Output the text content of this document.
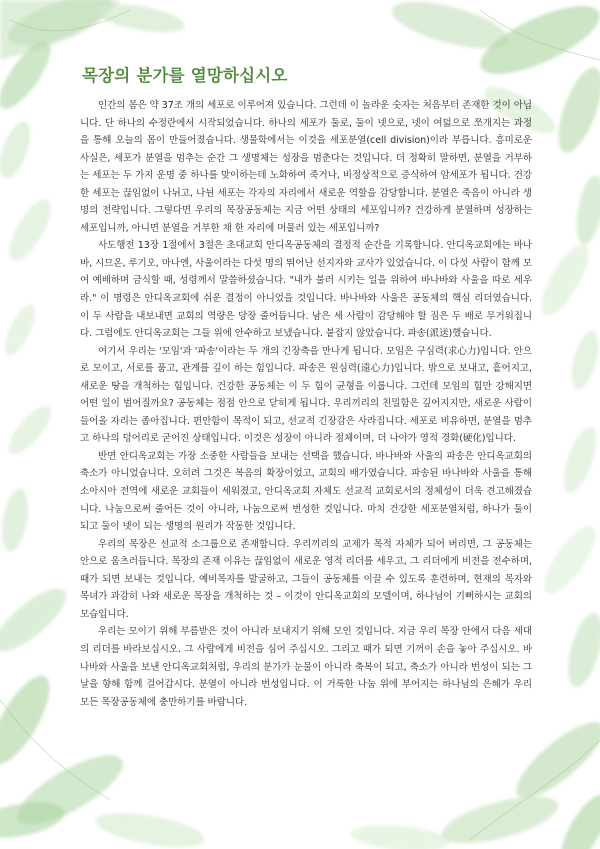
목장의 분가를 열망하십시오

인간의 몸은 약 37조 개의 세포로 이루어져 있습니다. 그런데 이 놀라운 숫자는 처음부터 존재한 것이 아닙니다. 단 하나의 수정란에서 시작되었습니다. 하나의 세포가 둘로, 둘이 넷으로, 넷이 여덟으로 쪼개지는 과정을 통해 오늘의 몸이 만들어졌습니다. 생물학에서는 이것을 세포분열(cell division)이라 부릅니다. 흥미로운 사실은, 세포가 분열을 멈추는 순간 그 생명체는 성장을 멈춘다는 것입니다. 더 정확히 말하면, 분열을 거부하는 세포는 두 가지 운명 중 하나를 맞이하는데 노화하여 죽거나, 비정상적으로 증식하여 암세포가 됩니다. 건강한 세포는 끊임없이 나뉘고, 나뉜 세포는 각자의 자리에서 새로운 역할을 감당합니다. 분열은 죽음이 아니라 생명의 전략입니다. 그렇다면 우리의 목장공동체는 지금 어떤 상태의 세포입니까? 건강하게 분열하며 성장하는 세포입니까, 아니면 분열을 거부한 채 한 자리에 머물러 있는 세포입니까?

사도행전 13장 1절에서 3절은 초대교회 안디옥공동체의 결정적 순간을 기록합니다. 안디옥교회에는 바나바, 시므온, 루기오, 마나엔, 사울이라는 다섯 명의 뛰어난 선지자와 교사가 있었습니다. 이 다섯 사람이 함께 모여 예배하며 금식할 때, 성령께서 말씀하셨습니다. "내가 불러 시키는 일을 위하여 바나바와 사울을 따로 세우라." 이 명령은 안디옥교회에 쉬운 결정이 아니었을 것입니다. 바나바와 사울은 공동체의 핵심 리더였습니다. 이 두 사람을 내보내면 교회의 역량은 당장 줄어듭니다. 남은 세 사람이 감당해야 할 짐은 두 배로 무거워집니다. 그럼에도 안디옥교회는 그들 위에 안수하고 보냈습니다. 붙잡지 않았습니다. 파송(派送)했습니다.

여기서 우리는 '모임'과 '파송'이라는 두 개의 긴장축을 만나게 됩니다. 모임은 구심력(求心力)입니다. 안으로 모이고, 서로를 품고, 관계를 깊이 하는 힘입니다. 파송은 원심력(遠心力)입니다. 밖으로 보내고, 흩어지고, 새로운 땅을 개척하는 힘입니다. 건강한 공동체는 이 두 힘이 균형을 이룹니다. 그런데 모임의 힘만 강해지면 어떤 일이 벌어질까요? 공동체는 점점 안으로 닫히게 됩니다. 우리끼리의 친밀함은 깊어지지만, 새로운 사람이 들어올 자리는 좁아집니다. 편안함이 목적이 되고, 선교적 긴장감은 사라집니다. 세포로 비유하면, 분열을 멈추고 하나의 덩어리로 굳어진 상태입니다. 이것은 성장이 아니라 정체이며, 더 나아가 영적 경화(硬化)입니다.

반면 안디옥교회는 가장 소중한 사람들을 보내는 선택을 했습니다. 바나바와 사울의 파송은 안디옥교회의 축소가 아니었습니다. 오히려 그것은 복음의 확장이었고, 교회의 배가였습니다. 파송된 바나바와 사울을 통해 소아시아 전역에 새로운 교회들이 세워졌고, 안디옥교회 자체도 선교적 교회로서의 정체성이 더욱 견고해졌습니다. 나눔으로써 줄어든 것이 아니라, 나눔으로써 번성한 것입니다. 마치 건강한 세포분열처럼, 하나가 둘이 되고 둘이 넷이 되는 생명의 원리가 작동한 것입니다.

우리의 목장은 선교적 소그룹으로 존재합니다. 우리끼리의 교제가 목적 자체가 되어 버리면, 그 공동체는 안으로 움츠러듭니다. 목장의 존재 이유는 끊임없이 새로운 영적 리더를 세우고, 그 리더에게 비전을 전수하며, 때가 되면 보내는 것입니다. 예비목자를 발굴하고, 그들이 공동체를 이끌 수 있도록 훈련하며, 현재의 목자와 목녀가 과감히 나와 새로운 목장을 개척하는 것 – 이것이 안디옥교회의 모델이며, 하나님이 기뻐하시는 교회의 모습입니다.

우리는 모이기 위해 부름받은 것이 아니라 보내지기 위해 모인 것입니다. 지금 우리 목장 안에서 다음 세대의 리더를 바라보십시오. 그 사람에게 비전을 심어 주십시오. 그리고 때가 되면 기꺼이 손을 놓아 주십시오. 바나바와 사울을 보낸 안디옥교회처럼, 우리의 분가가 눈물이 아니라 축복이 되고, 축소가 아니라 번성이 되는 그날을 향해 함께 걸어갑시다. 분열이 아니라 번성입니다. 이 거룩한 나눔 위에 부어지는 하나님의 은혜가 우리 모든 목장공동체에 충만하기를 바랍니다.
